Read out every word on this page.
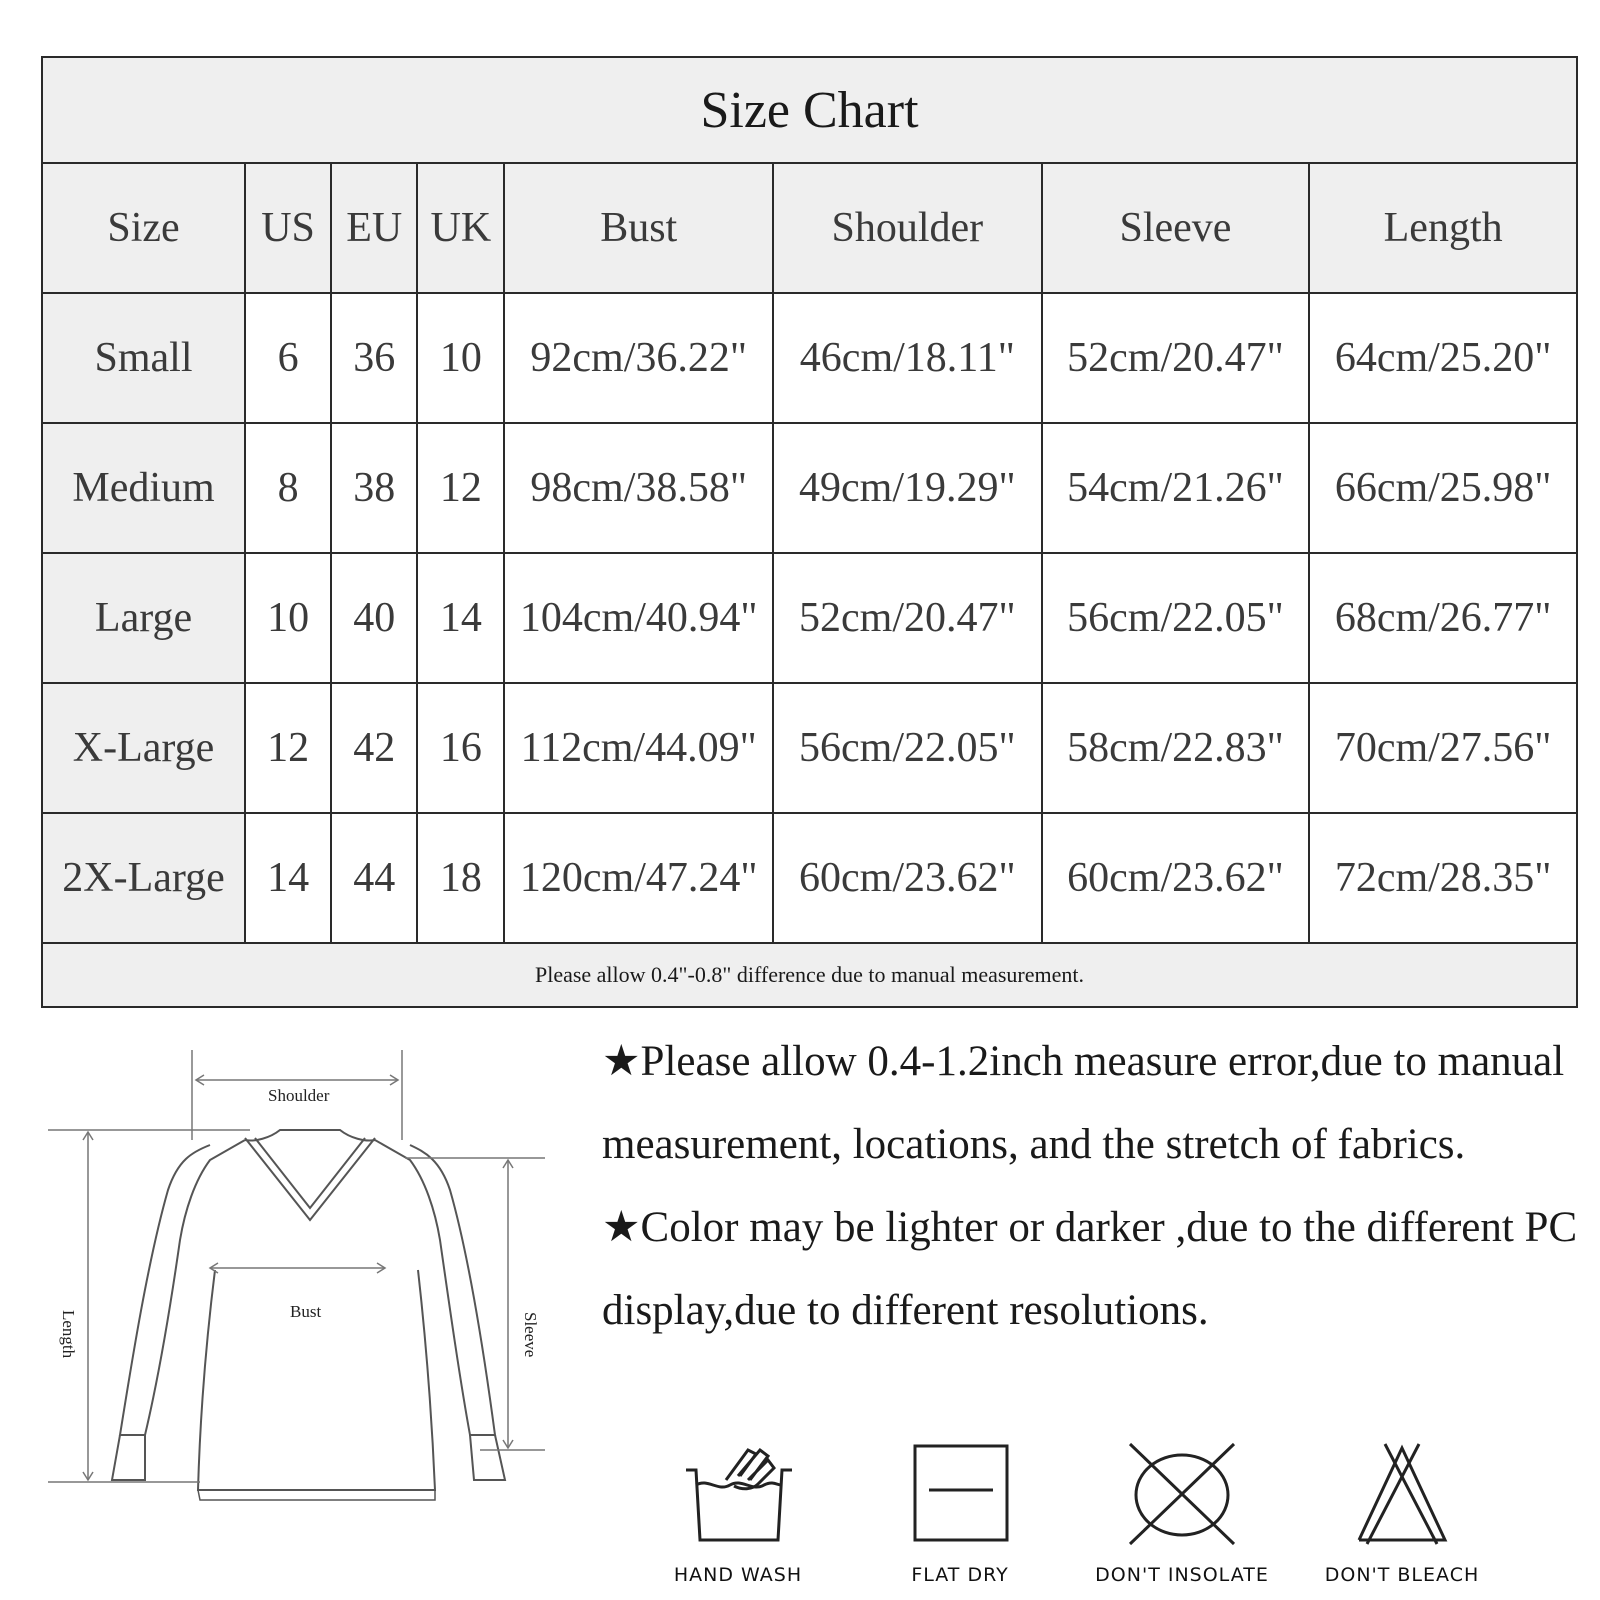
Size Chart							
Size	US	EU	UK	Bust	Shoulder	Sleeve	Length
Small	6	36	10	92cm/36.22"	46cm/18.11"	52cm/20.47"	64cm/25.20"
Medium	8	38	12	98cm/38.58"	49cm/19.29"	54cm/21.26"	66cm/25.98"
Large	10	40	14	104cm/40.94"	52cm/20.47"	56cm/22.05"	68cm/26.77"
X-Large	12	42	16	112cm/44.09"	56cm/22.05"	58cm/22.83"	70cm/27.56"
2X-Large	14	44	18	120cm/47.24"	60cm/23.62"	60cm/23.62"	72cm/28.35"
Please allow 0.4"-0.8" difference due to manual measurement.							
Shoulder
Bust
Length	Sleeve

★Please allow 0.4-1.2inch measure error,due to manual measurement, locations, and the stretch of fabrics.

★Color may be lighter or darker ,due to the different PC display,due to different resolutions.

HAND WASH	FLAT DRY	DON'T INSOLATE	DON'T BLEACH
